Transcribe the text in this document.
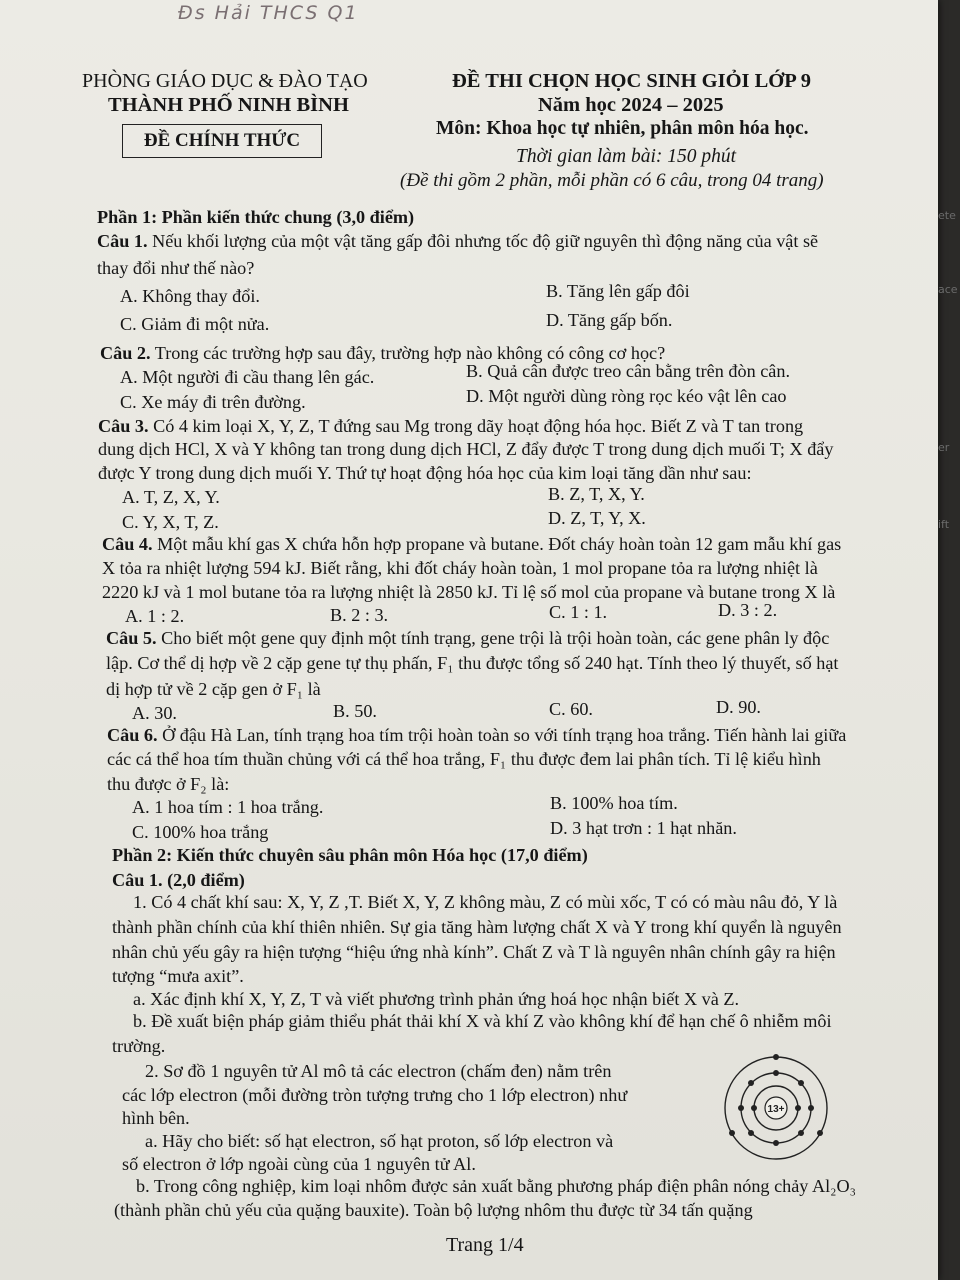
Đs Hải THCS Q1
PHÒNG GIÁO DỤC & ĐÀO TẠO
THÀNH PHỐ NINH BÌNH
ĐỀ CHÍNH THỨC
ĐỀ THI CHỌN HỌC SINH GIỎI LỚP 9
Năm học 2024 – 2025
Môn: Khoa học tự nhiên, phân môn hóa học.
Thời gian làm bài: 150 phút
(Đề thi gồm 2 phần, mỗi phần có 6 câu, trong 04 trang)
Phần 1: Phần kiến thức chung (3,0 điểm)
Câu 1. Nếu khối lượng của một vật tăng gấp đôi nhưng tốc độ giữ nguyên thì động năng của vật sẽ
thay đổi như thế nào?
A. Không thay đổi.	B. Tăng lên gấp đôi
C. Giảm đi một nửa.	D. Tăng gấp bốn.
Câu 2. Trong các trường hợp sau đây, trường hợp nào không có công cơ học?
A. Một người đi cầu thang lên gác.	B. Quả cân được treo cân bằng trên đòn cân.
C. Xe máy đi trên đường.	D. Một người dùng ròng rọc kéo vật lên cao
Câu 3. Có 4 kim loại X, Y, Z, T đứng sau Mg trong dãy hoạt động hóa học. Biết Z và T tan trong
dung dịch HCl, X và Y không tan trong dung dịch HCl, Z đẩy được T trong dung dịch muối T; X đẩy
được Y trong dung dịch muối Y. Thứ tự hoạt động hóa học của kim loại tăng dần như sau:
A. T, Z, X, Y.	B. Z, T, X, Y.
C. Y, X, T, Z.	D. Z, T, Y, X.
Câu 4. Một mẫu khí gas X chứa hỗn hợp propane và butane. Đốt cháy hoàn toàn 12 gam mẫu khí gas
X tỏa ra nhiệt lượng 594 kJ. Biết rằng, khi đốt cháy hoàn toàn, 1 mol propane tỏa ra lượng nhiệt là
2220 kJ và 1 mol butane tỏa ra lượng nhiệt là 2850 kJ. Tỉ lệ số mol của propane và butane trong X là
A. 1 : 2.	B. 2 : 3.	C. 1 : 1.	D. 3 : 2.
Câu 5. Cho biết một gene quy định một tính trạng, gene trội là trội hoàn toàn, các gene phân ly độc
lập. Cơ thể dị hợp về 2 cặp gene tự thụ phấn, F₁ thu được tổng số 240 hạt. Tính theo lý thuyết, số hạt
dị hợp tử về 2 cặp gen ở F₁ là
A. 30.	B. 50.	C. 60.	D. 90.
Câu 6. Ở đậu Hà Lan, tính trạng hoa tím trội hoàn toàn so với tính trạng hoa trắng. Tiến hành lai giữa
các cá thể hoa tím thuần chủng với cá thể hoa trắng, F₁ thu được đem lai phân tích. Tỉ lệ kiểu hình
thu được ở F₂ là:
A. 1 hoa tím : 1 hoa trắng.	B. 100% hoa tím.
C. 100% hoa trắng	D. 3 hạt trơn : 1 hạt nhăn.
Phần 2: Kiến thức chuyên sâu phân môn Hóa học (17,0 điểm)
Câu 1. (2,0 điểm)
1. Có 4 chất khí sau: X, Y, Z ,T. Biết X, Y, Z không màu, Z có mùi xốc, T có có màu nâu đỏ, Y là
thành phần chính của khí thiên nhiên. Sự gia tăng hàm lượng chất X và Y trong khí quyển là nguyên
nhân chủ yếu gây ra hiện tượng “hiệu ứng nhà kính”. Chất Z và T là nguyên nhân chính gây ra hiện
tượng “mưa axit”.
a. Xác định khí X, Y, Z, T và viết phương trình phản ứng hoá học nhận biết X và Z.
b. Đề xuất biện pháp giảm thiểu phát thải khí X và khí Z vào không khí để hạn chế ô nhiễm môi
trường.
2. Sơ đồ 1 nguyên tử Al mô tả các electron (chấm đen) nằm trên
các lớp electron (mỗi đường tròn tượng trưng cho 1 lớp electron) như
hình bên.
a. Hãy cho biết: số hạt electron, số hạt proton, số lớp electron và
số electron ở lớp ngoài cùng của 1 nguyên tử Al.
b. Trong công nghiệp, kim loại nhôm được sản xuất bằng phương pháp điện phân nóng chảy Al₂O₃
(thành phần chủ yếu của quặng bauxite). Toàn bộ lượng nhôm thu được từ 34 tấn quặng
13+
Trang 1/4
ete
ace
er
ift
